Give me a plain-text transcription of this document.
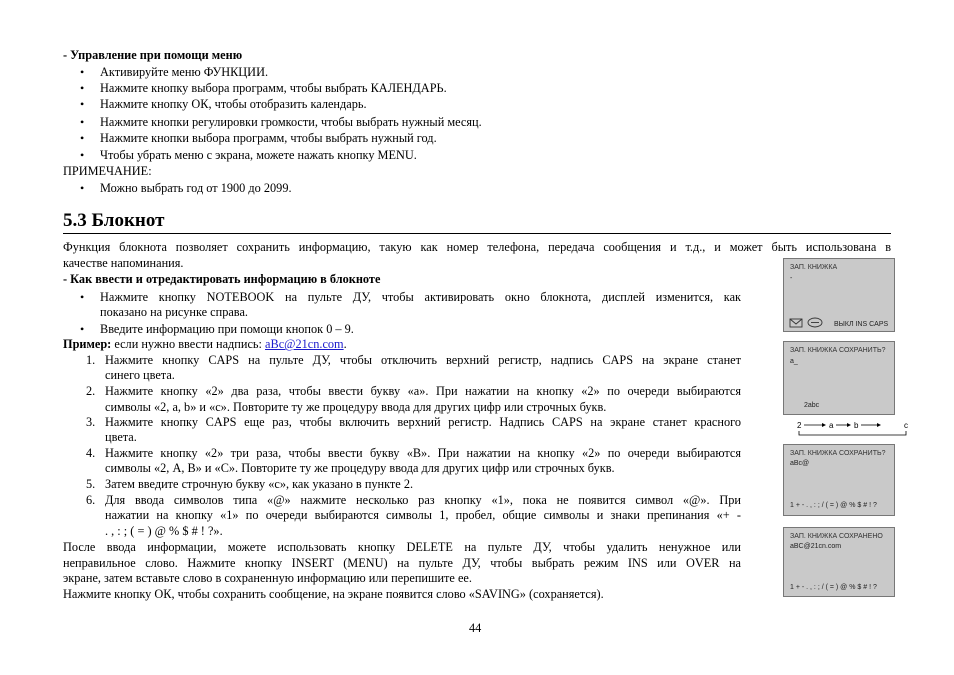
- Управление при помощи меню
• Активируйте меню ФУНКЦИИ.
• Нажмите кнопку выбора программ, чтобы выбрать КАЛЕНДАРЬ.
• Нажмите кнопку ОК, чтобы отобразить календарь.
• Нажмите кнопки регулировки громкости, чтобы выбрать нужный месяц.
• Нажмите кнопки выбора программ, чтобы выбрать нужный год.
• Чтобы убрать меню с экрана, можете нажать кнопку MENU.
ПРИМЕЧАНИЕ:
• Можно выбрать год от 1900 до 2099.
5.3 Блокнот
Функция блокнота позволяет сохранить информацию, такую как номер телефона, передача сообщения и т.д., и может быть использована в
качестве напоминания.
- Как ввести и отредактировать информацию в блокноте
• Нажмите кнопку NOTEBOOK на пульте ДУ, чтобы активировать окно блокнота, дисплей изменится, как
показано на рисунке справа.
• Введите информацию при помощи кнопок 0 – 9.
Пример: если нужно ввести надпись: aBc@21cn.com.
1. Нажмите кнопку CAPS на пульте ДУ, чтобы отключить верхний регистр, надпись CAPS на экране станет
синего цвета.
2. Нажмите кнопку «2» два раза, чтобы ввести букву «a». При нажатии на кнопку «2» по очереди выбираются
символы «2, a, b» и «c». Повторите ту же процедуру ввода для других цифр или строчных букв.
3. Нажмите кнопку CAPS еще раз, чтобы включить верхний регистр. Надпись CAPS на экране станет красного
цвета.
4. Нажмите кнопку «2» три раза, чтобы ввести букву «В». При нажатии на кнопку «2» по очереди выбираются
символы «2, A, B» и «C». Повторите ту же процедуру ввода для других цифр или строчных букв.
5. Затем введите строчную букву «с», как указано в пункте 2.
6. Для ввода символов типа «@» нажмите несколько раз кнопку «1», пока не появится символ «@». При
нажатии на кнопку «1» по очереди выбираются символы 1, пробел, общие символы и знаки препинания «+ -
. , : ; ( = ) @ % $ # ! ?».
После ввода информации, можете использовать кнопку DELETE на пульте ДУ, чтобы удалить ненужное или
неправильное слово. Нажмите кнопку INSERT (MENU) на пульте ДУ, чтобы выбрать режим INS или OVER на
экране, затем вставьте слово в сохраненную информацию или перепишите ее.
Нажмите кнопку ОК, чтобы сохранить сообщение, на экране появится слово «SAVING» (сохраняется).
ЗАП. КНИЖКА
-
ВЫКЛ INS CAPS
ЗАП. КНИЖКА СОХРАНИТЬ?
a_
2abc
2	a	b	c
ЗАП. КНИЖКА СОХРАНИТЬ?
aBc@
1 + - . , : ; / ( = ) @ % $ # ! ?
ЗАП. КНИЖКА СОХРАНЕНО
aBC@21cn.com
1 + - . , : ; / ( = ) @ % $ # ! ?
44
